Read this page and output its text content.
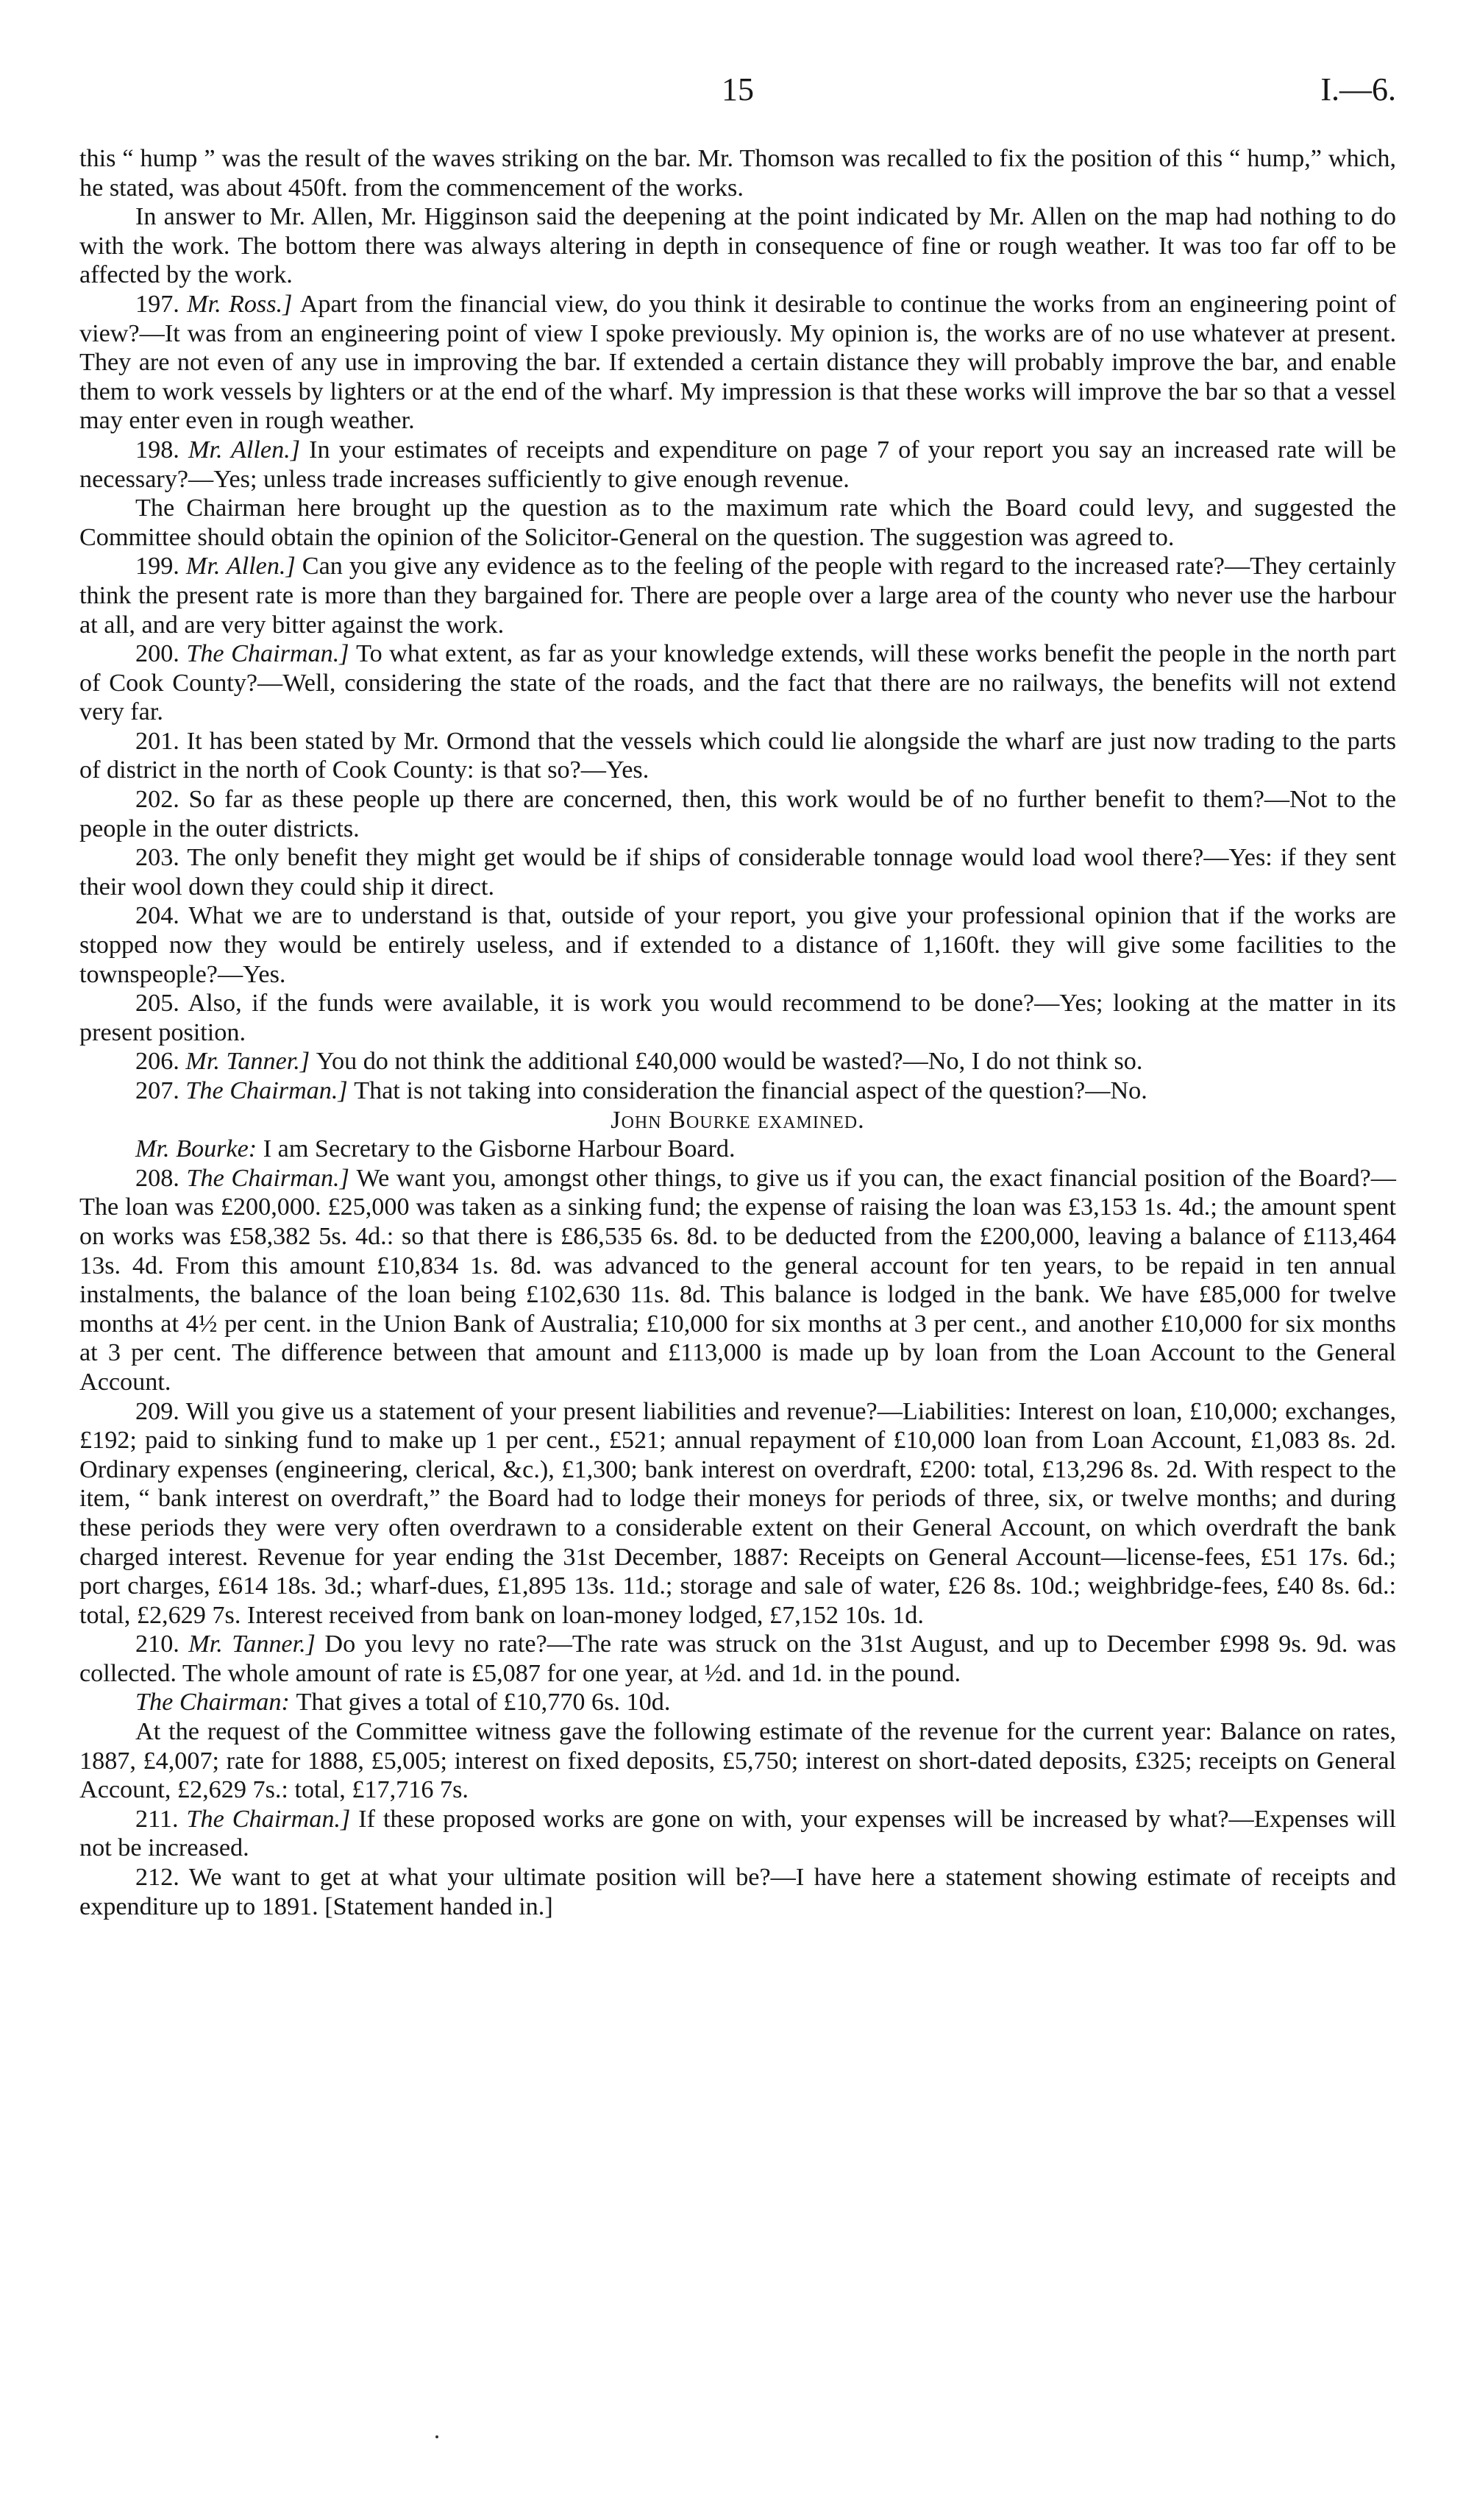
15	I.—6.

this “ hump ” was the result of the waves striking on the bar. Mr. Thomson was recalled to fix the position of this “ hump,” which, he stated, was about 450ft. from the commencement of the works.

In answer to Mr. Allen, Mr. Higginson said the deepening at the point indicated by Mr. Allen on the map had nothing to do with the work. The bottom there was always altering in depth in consequence of fine or rough weather. It was too far off to be affected by the work.

197. Mr. Ross.] Apart from the financial view, do you think it desirable to continue the works from an engineering point of view?—It was from an engineering point of view I spoke previously. My opinion is, the works are of no use whatever at present. They are not even of any use in improving the bar. If extended a certain distance they will probably improve the bar, and enable them to work vessels by lighters or at the end of the wharf. My impression is that these works will improve the bar so that a vessel may enter even in rough weather.

198. Mr. Allen.] In your estimates of receipts and expenditure on page 7 of your report you say an increased rate will be necessary?—Yes; unless trade increases sufficiently to give enough revenue.

The Chairman here brought up the question as to the maximum rate which the Board could levy, and suggested the Committee should obtain the opinion of the Solicitor-General on the question. The suggestion was agreed to.

199. Mr. Allen.] Can you give any evidence as to the feeling of the people with regard to the increased rate?—They certainly think the present rate is more than they bargained for. There are people over a large area of the county who never use the harbour at all, and are very bitter against the work.

200. The Chairman.] To what extent, as far as your knowledge extends, will these works benefit the people in the north part of Cook County?—Well, considering the state of the roads, and the fact that there are no railways, the benefits will not extend very far.

201. It has been stated by Mr. Ormond that the vessels which could lie alongside the wharf are just now trading to the parts of district in the north of Cook County: is that so?—Yes.

202. So far as these people up there are concerned, then, this work would be of no further benefit to them?—Not to the people in the outer districts.

203. The only benefit they might get would be if ships of considerable tonnage would load wool there?—Yes: if they sent their wool down they could ship it direct.

204. What we are to understand is that, outside of your report, you give your professional opinion that if the works are stopped now they would be entirely useless, and if extended to a distance of 1,160ft. they will give some facilities to the townspeople?—Yes.

205. Also, if the funds were available, it is work you would recommend to be done?—Yes; looking at the matter in its present position.

206. Mr. Tanner.] You do not think the additional £40,000 would be wasted?—No, I do not think so.

207. The Chairman.] That is not taking into consideration the financial aspect of the question?—No.

John Bourke examined.

Mr. Bourke: I am Secretary to the Gisborne Harbour Board.

208. The Chairman.] We want you, amongst other things, to give us if you can, the exact financial position of the Board?—The loan was £200,000. £25,000 was taken as a sinking fund; the expense of raising the loan was £3,153 1s. 4d.; the amount spent on works was £58,382 5s. 4d.: so that there is £86,535 6s. 8d. to be deducted from the £200,000, leaving a balance of £113,464 13s. 4d. From this amount £10,834 1s. 8d. was advanced to the general account for ten years, to be repaid in ten annual instalments, the balance of the loan being £102,630 11s. 8d. This balance is lodged in the bank. We have £85,000 for twelve months at 4½ per cent. in the Union Bank of Australia; £10,000 for six months at 3 per cent., and another £10,000 for six months at 3 per cent. The difference between that amount and £113,000 is made up by loan from the Loan Account to the General Account.

209. Will you give us a statement of your present liabilities and revenue?—Liabilities: Interest on loan, £10,000; exchanges, £192; paid to sinking fund to make up 1 per cent., £521; annual repayment of £10,000 loan from Loan Account, £1,083 8s. 2d. Ordinary expenses (engineering, clerical, &c.), £1,300; bank interest on overdraft, £200: total, £13,296 8s. 2d. With respect to the item, “ bank interest on overdraft,” the Board had to lodge their moneys for periods of three, six, or twelve months; and during these periods they were very often overdrawn to a considerable extent on their General Account, on which overdraft the bank charged interest. Revenue for year ending the 31st December, 1887: Receipts on General Account—license-fees, £51 17s. 6d.; port charges, £614 18s. 3d.; wharf-dues, £1,895 13s. 11d.; storage and sale of water, £26 8s. 10d.; weighbridge-fees, £40 8s. 6d.: total, £2,629 7s. Interest received from bank on loan-money lodged, £7,152 10s. 1d.

210. Mr. Tanner.] Do you levy no rate?—The rate was struck on the 31st August, and up to December £998 9s. 9d. was collected. The whole amount of rate is £5,087 for one year, at ½d. and 1d. in the pound.

The Chairman: That gives a total of £10,770 6s. 10d.

At the request of the Committee witness gave the following estimate of the revenue for the current year: Balance on rates, 1887, £4,007; rate for 1888, £5,005; interest on fixed deposits, £5,750; interest on short-dated deposits, £325; receipts on General Account, £2,629 7s.: total, £17,716 7s.

211. The Chairman.] If these proposed works are gone on with, your expenses will be increased by what?—Expenses will not be increased.

212. We want to get at what your ultimate position will be?—I have here a statement showing estimate of receipts and expenditure up to 1891. [Statement handed in.]
